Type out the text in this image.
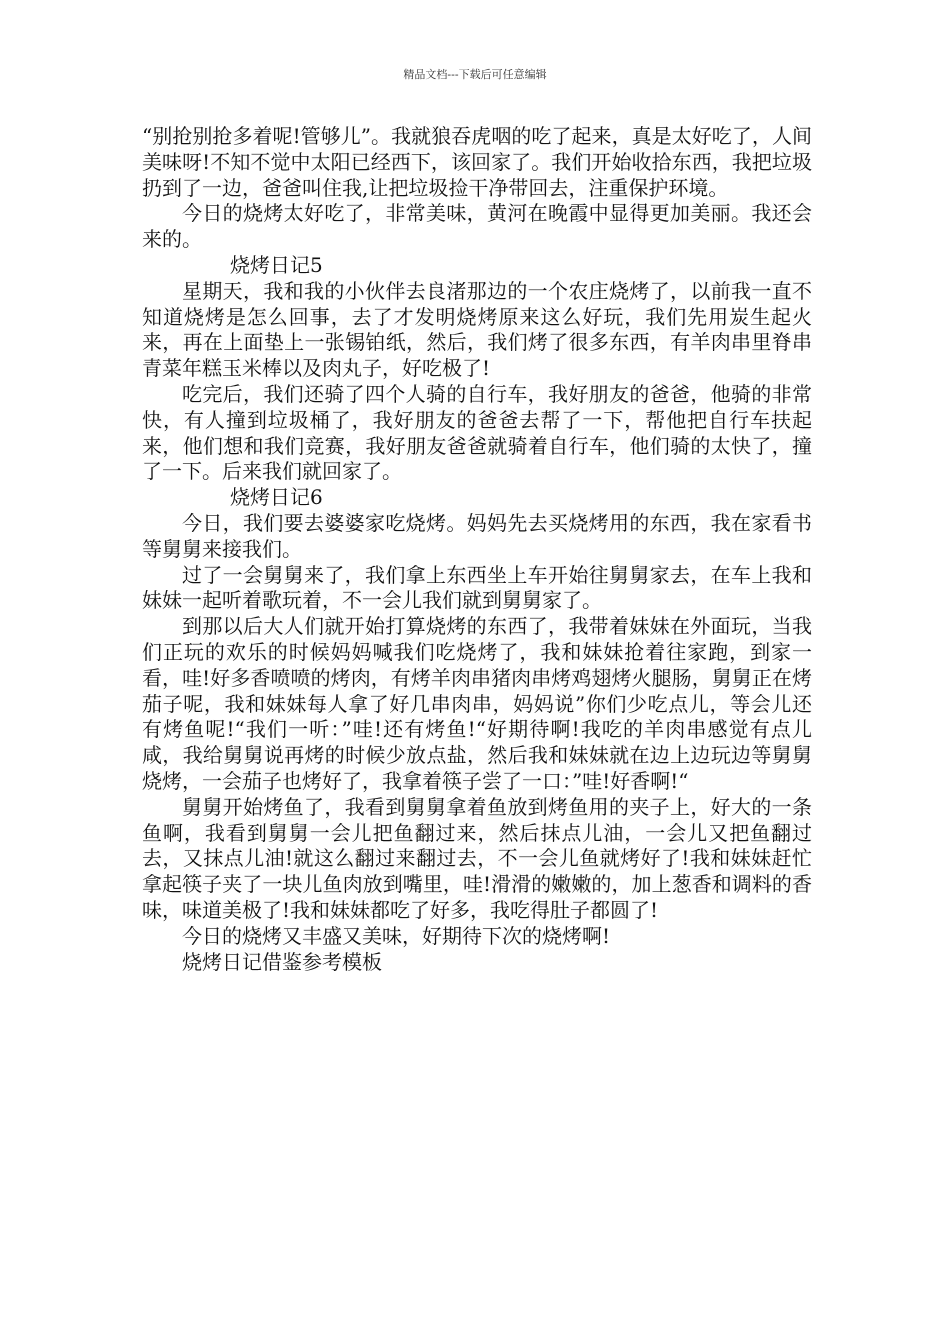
精品文档---下载后可任意编辑

“别抢别抢多着呢!管够儿”。我就狼吞虎咽的吃了起来，真是太好吃了，人间美味呀!不知不觉中太阳已经西下，该回家了。我们开始收拾东西，我把垃圾扔到了一边，爸爸叫住我,让把垃圾捡干净带回去，注重保护环境。

今日的烧烤太好吃了，非常美味，黄河在晚霞中显得更加美丽。我还会来的。

烧烤日记5

星期天，我和我的小伙伴去良渚那边的一个农庄烧烤了，以前我一直不知道烧烤是怎么回事，去了才发明烧烤原来这么好玩，我们先用炭生起火来，再在上面垫上一张锡铂纸，然后，我们烤了很多东西，有羊肉串里脊串青菜年糕玉米棒以及肉丸子，好吃极了!

吃完后，我们还骑了四个人骑的自行车，我好朋友的爸爸，他骑的非常快，有人撞到垃圾桶了，我好朋友的爸爸去帮了一下，帮他把自行车扶起来，他们想和我们竞赛，我好朋友爸爸就骑着自行车，他们骑的太快了，撞了一下。后来我们就回家了。

烧烤日记6

今日，我们要去婆婆家吃烧烤。妈妈先去买烧烤用的东西，我在家看书等舅舅来接我们。

过了一会舅舅来了，我们拿上东西坐上车开始往舅舅家去，在车上我和妹妹一起听着歌玩着，不一会儿我们就到舅舅家了。

到那以后大人们就开始打算烧烤的东西了，我带着妹妹在外面玩，当我们正玩的欢乐的时候妈妈喊我们吃烧烤了，我和妹妹抢着往家跑，到家一看，哇!好多香喷喷的烤肉，有烤羊肉串猪肉串烤鸡翅烤火腿肠，舅舅正在烤茄子呢，我和妹妹每人拿了好几串肉串，妈妈说”你们少吃点儿，等会儿还有烤鱼呢!“我们一听：”哇!还有烤鱼!“好期待啊!我吃的羊肉串感觉有点儿咸，我给舅舅说再烤的时候少放点盐，然后我和妹妹就在边上边玩边等舅舅烧烤，一会茄子也烤好了，我拿着筷子尝了一口：”哇!好香啊!“

舅舅开始烤鱼了，我看到舅舅拿着鱼放到烤鱼用的夹子上，好大的一条鱼啊，我看到舅舅一会儿把鱼翻过来，然后抹点儿油，一会儿又把鱼翻过去，又抹点儿油!就这么翻过来翻过去，不一会儿鱼就烤好了!我和妹妹赶忙拿起筷子夹了一块儿鱼肉放到嘴里，哇!滑滑的嫩嫩的，加上葱香和调料的香味，味道美极了!我和妹妹都吃了好多，我吃得肚子都圆了!

今日的烧烤又丰盛又美味，好期待下次的烧烤啊!

烧烤日记借鉴参考模板
